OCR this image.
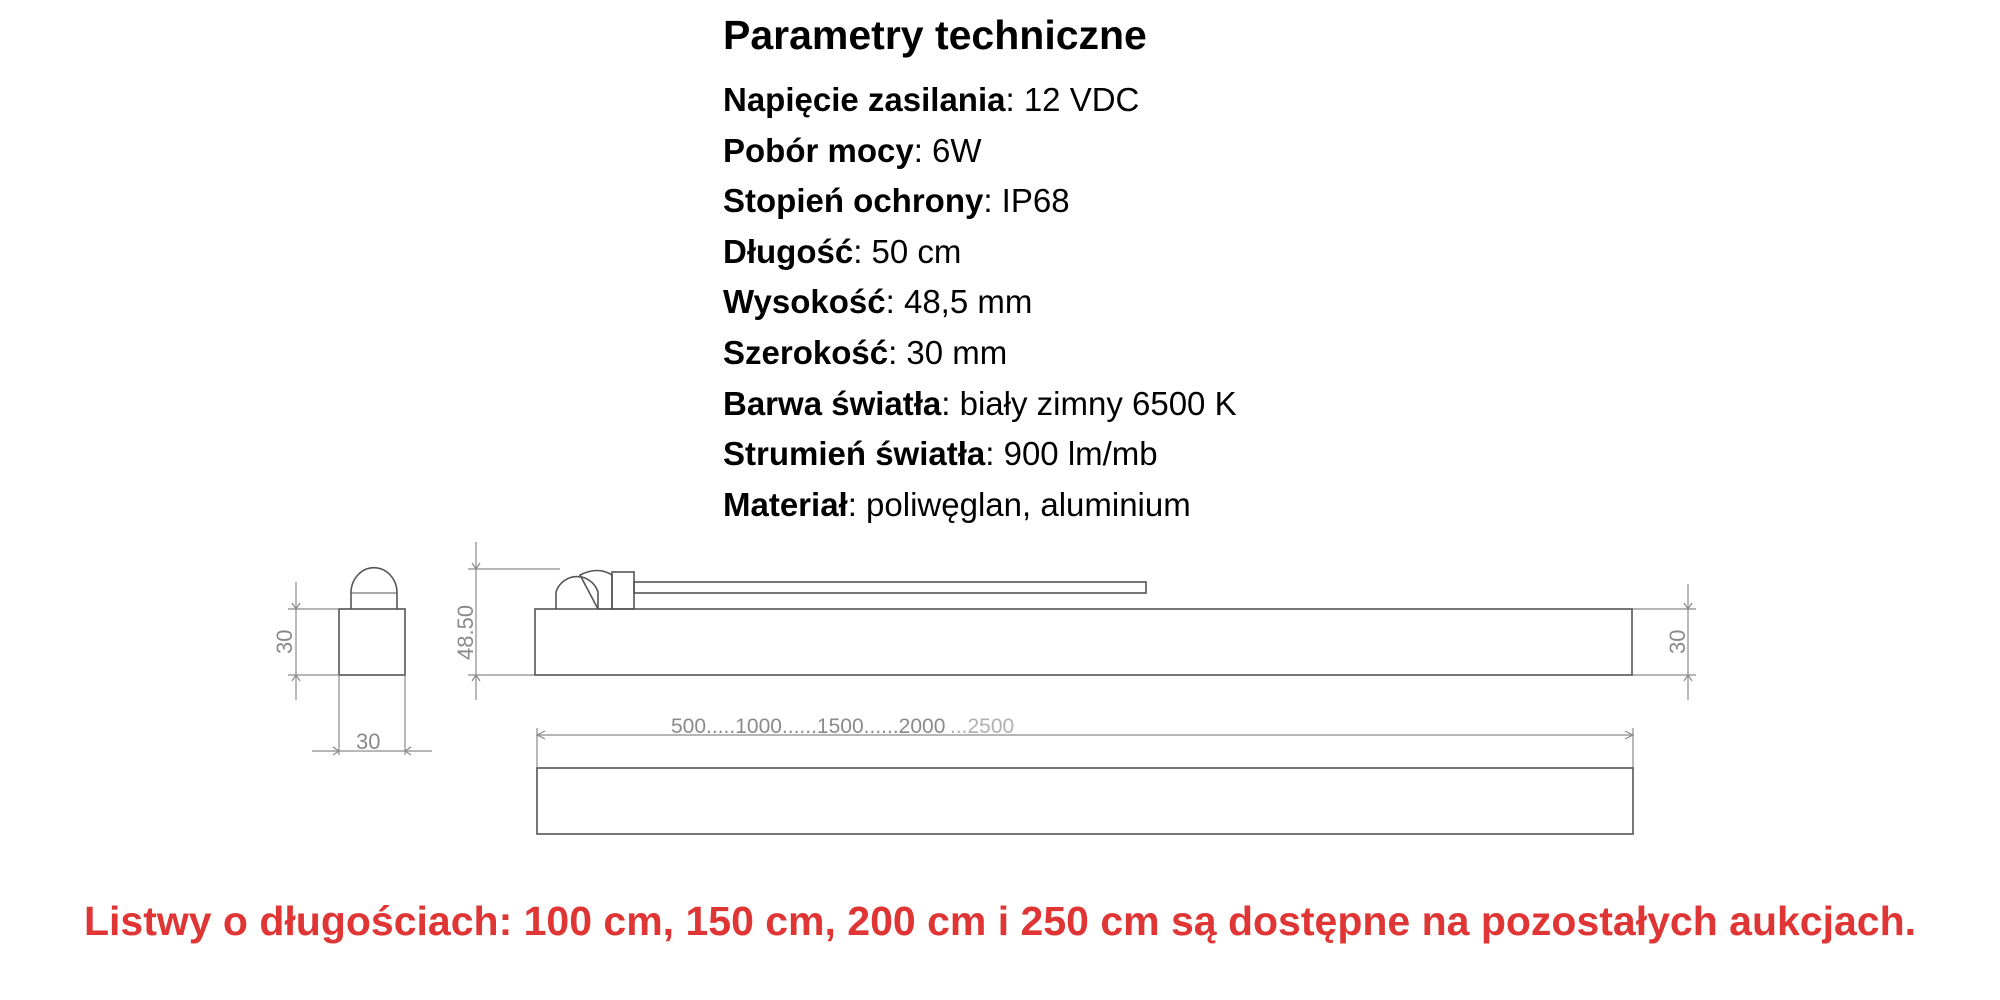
Parametry techniczne
Napięcie zasilania: 12 VDC
Pobór mocy: 6W
Stopień ochrony: IP68
Długość: 50 cm
Wysokość: 48,5 mm
Szerokość: 30 mm
Barwa światła: biały zimny 6500 K
Strumień światła: 900 lm/mb
Materiał: poliwęglan, aluminium
30
30
48.50	30
500.....1000......1500......2000 ...2500
Listwy o długościach: 100 cm, 150 cm, 200 cm i 250 cm są dostępne na pozostałych aukcjach.
